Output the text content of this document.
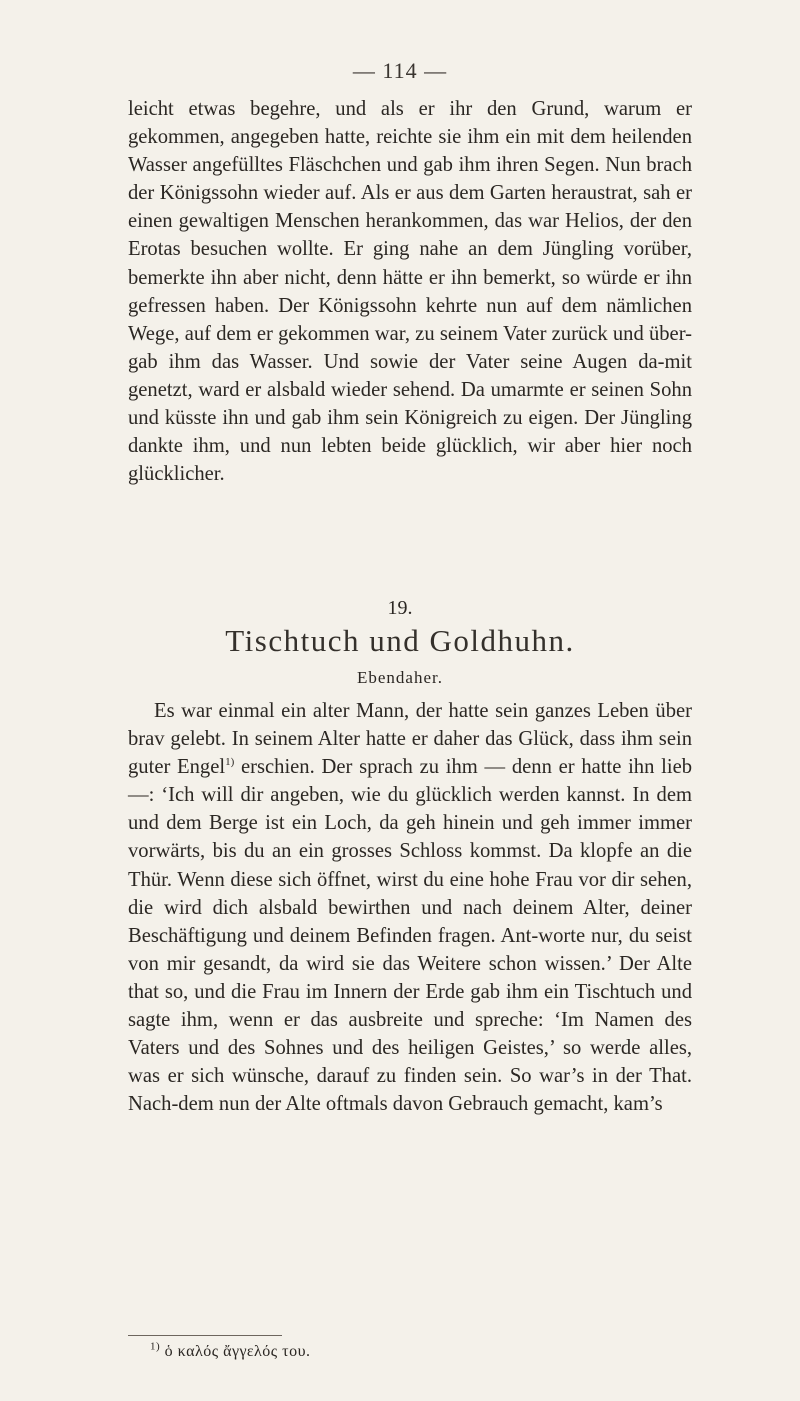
— 114 —
leicht etwas begehre, und als er ihr den Grund, warum er gekommen, angegeben hatte, reichte sie ihm ein mit dem heilenden Wasser angefülltes Fläschchen und gab ihm ihren Segen. Nun brach der Königssohn wieder auf. Als er aus dem Garten heraustrat, sah er einen gewaltigen Menschen herankommen, das war Helios, der den Erotas besuchen wollte. Er ging nahe an dem Jüngling vorüber, bemerkte ihn aber nicht, denn hätte er ihn bemerkt, so würde er ihn gefressen haben. Der Königssohn kehrte nun auf dem nämlichen Wege, auf dem er gekommen war, zu seinem Vater zurück und über-gab ihm das Wasser. Und sowie der Vater seine Augen da-mit genetzt, ward er alsbald wieder sehend. Da umarmte er seinen Sohn und küsste ihn und gab ihm sein Königreich zu eigen. Der Jüngling dankte ihm, und nun lebten beide glücklich, wir aber hier noch glücklicher.
19.
Tischtuch und Goldhuhn.
Ebendaher.
Es war einmal ein alter Mann, der hatte sein ganzes Leben über brav gelebt. In seinem Alter hatte er daher das Glück, dass ihm sein guter Engel$^{1)}$ erschien. Der sprach zu ihm — denn er hatte ihn lieb —: ‘Ich will dir angeben, wie du glücklich werden kannst. In dem und dem Berge ist ein Loch, da geh hinein und geh immer immer vorwärts, bis du an ein grosses Schloss kommst. Da klopfe an die Thür. Wenn diese sich öffnet, wirst du eine hohe Frau vor dir sehen, die wird dich alsbald bewirthen und nach deinem Alter, deiner Beschäftigung und deinem Befinden fragen. Ant-worte nur, du seist von mir gesandt, da wird sie das Weitere schon wissen.’ Der Alte that so, und die Frau im Innern der Erde gab ihm ein Tischtuch und sagte ihm, wenn er das ausbreite und spreche: ‘Im Namen des Vaters und des Sohnes und des heiligen Geistes,’ so werde alles, was er sich wünsche, darauf zu finden sein. So war’s in der That. Nach-dem nun der Alte oftmals davon Gebrauch gemacht, kam’s
$^{1)}$ ὁ καλός ἄγγελός του.
